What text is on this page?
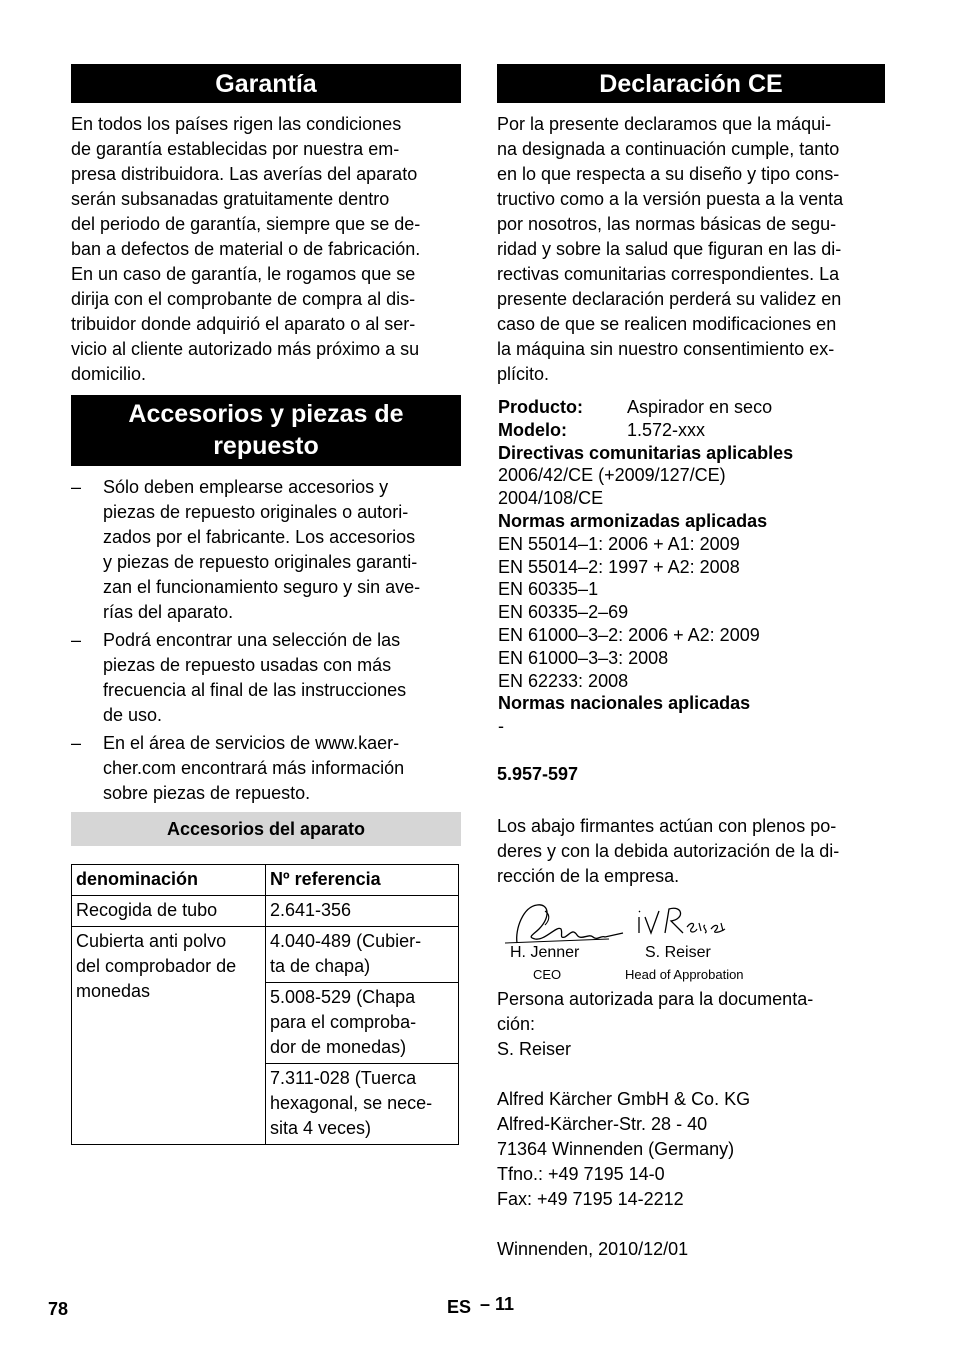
Garantía

En todos los países rigen las condiciones
de garantía establecidas por nuestra em-
presa distribuidora. Las averías del aparato
serán subsanadas gratuitamente dentro
del periodo de garantía, siempre que se de-
ban a defectos de material o de fabricación.
En un caso de garantía, le rogamos que se
dirija con el comprobante de compra al dis-
tribuidor donde adquirió el aparato o al ser-
vicio al cliente autorizado más próximo a su
domicilio.

Accesorios y piezas de
repuesto
–	Sólo deben emplearse accesorios y
piezas de repuesto originales o autori-
zados por el fabricante. Los accesorios
y piezas de repuesto originales garanti-
zan el funcionamiento seguro y sin ave-
rías del aparato.
–	Podrá encontrar una selección de las
piezas de repuesto usadas con más
frecuencia al final de las instrucciones
de uso.
–	En el área de servicios de www.kaer-
cher.com encontrará más información
sobre piezas de repuesto.
Accesorios del aparato
denominación	Nº referencia
Recogida de tubo	2.641-356
Cubierta anti polvo
del comprobador de
monedas	4.040-489 (Cubier-
ta de chapa)
	5.008-529 (Chapa
para el comproba-
dor de monedas)
	7.311-028 (Tuerca
hexagonal, se nece-
sita 4 veces)
Declaración CE

Por la presente declaramos que la máqui-
na designada a continuación cumple, tanto
en lo que respecta a su diseño y tipo cons-
tructivo como a la versión puesta a la venta
por nosotros, las normas básicas de segu-
ridad y sobre la salud que figuran en las di-
rectivas comunitarias correspondientes. La
presente declaración perderá su validez en
caso de que se realicen modificaciones en
la máquina sin nuestro consentimiento ex-
plícito.

Producto:	Aspirador en seco
Modelo:	1.572-xxx
Directivas comunitarias aplicables
2006/42/CE (+2009/127/CE)
2004/108/CE
Normas armonizadas aplicadas
EN 55014–1: 2006 + A1: 2009
EN 55014–2: 1997 + A2: 2008
EN 60335–1
EN 60335–2–69
EN 61000–3–2: 2006 + A2: 2009
EN 61000–3–3: 2008
EN 62233: 2008
Normas nacionales aplicadas
-
5.957-597

Los abajo firmantes actúan con plenos po-
deres y con la debida autorización de la di-
rección de la empresa.

H. Jenner
CEO
S. Reiser
Head of Approbation

Persona autorizada para la documenta-
ción:
S. Reiser

Alfred Kärcher GmbH & Co. KG
Alfred-Kärcher-Str. 28 - 40
71364 Winnenden (Germany)
Tfno.: +49 7195 14-0
Fax: +49 7195 14-2212

Winnenden, 2010/12/01

78	ES – 11
